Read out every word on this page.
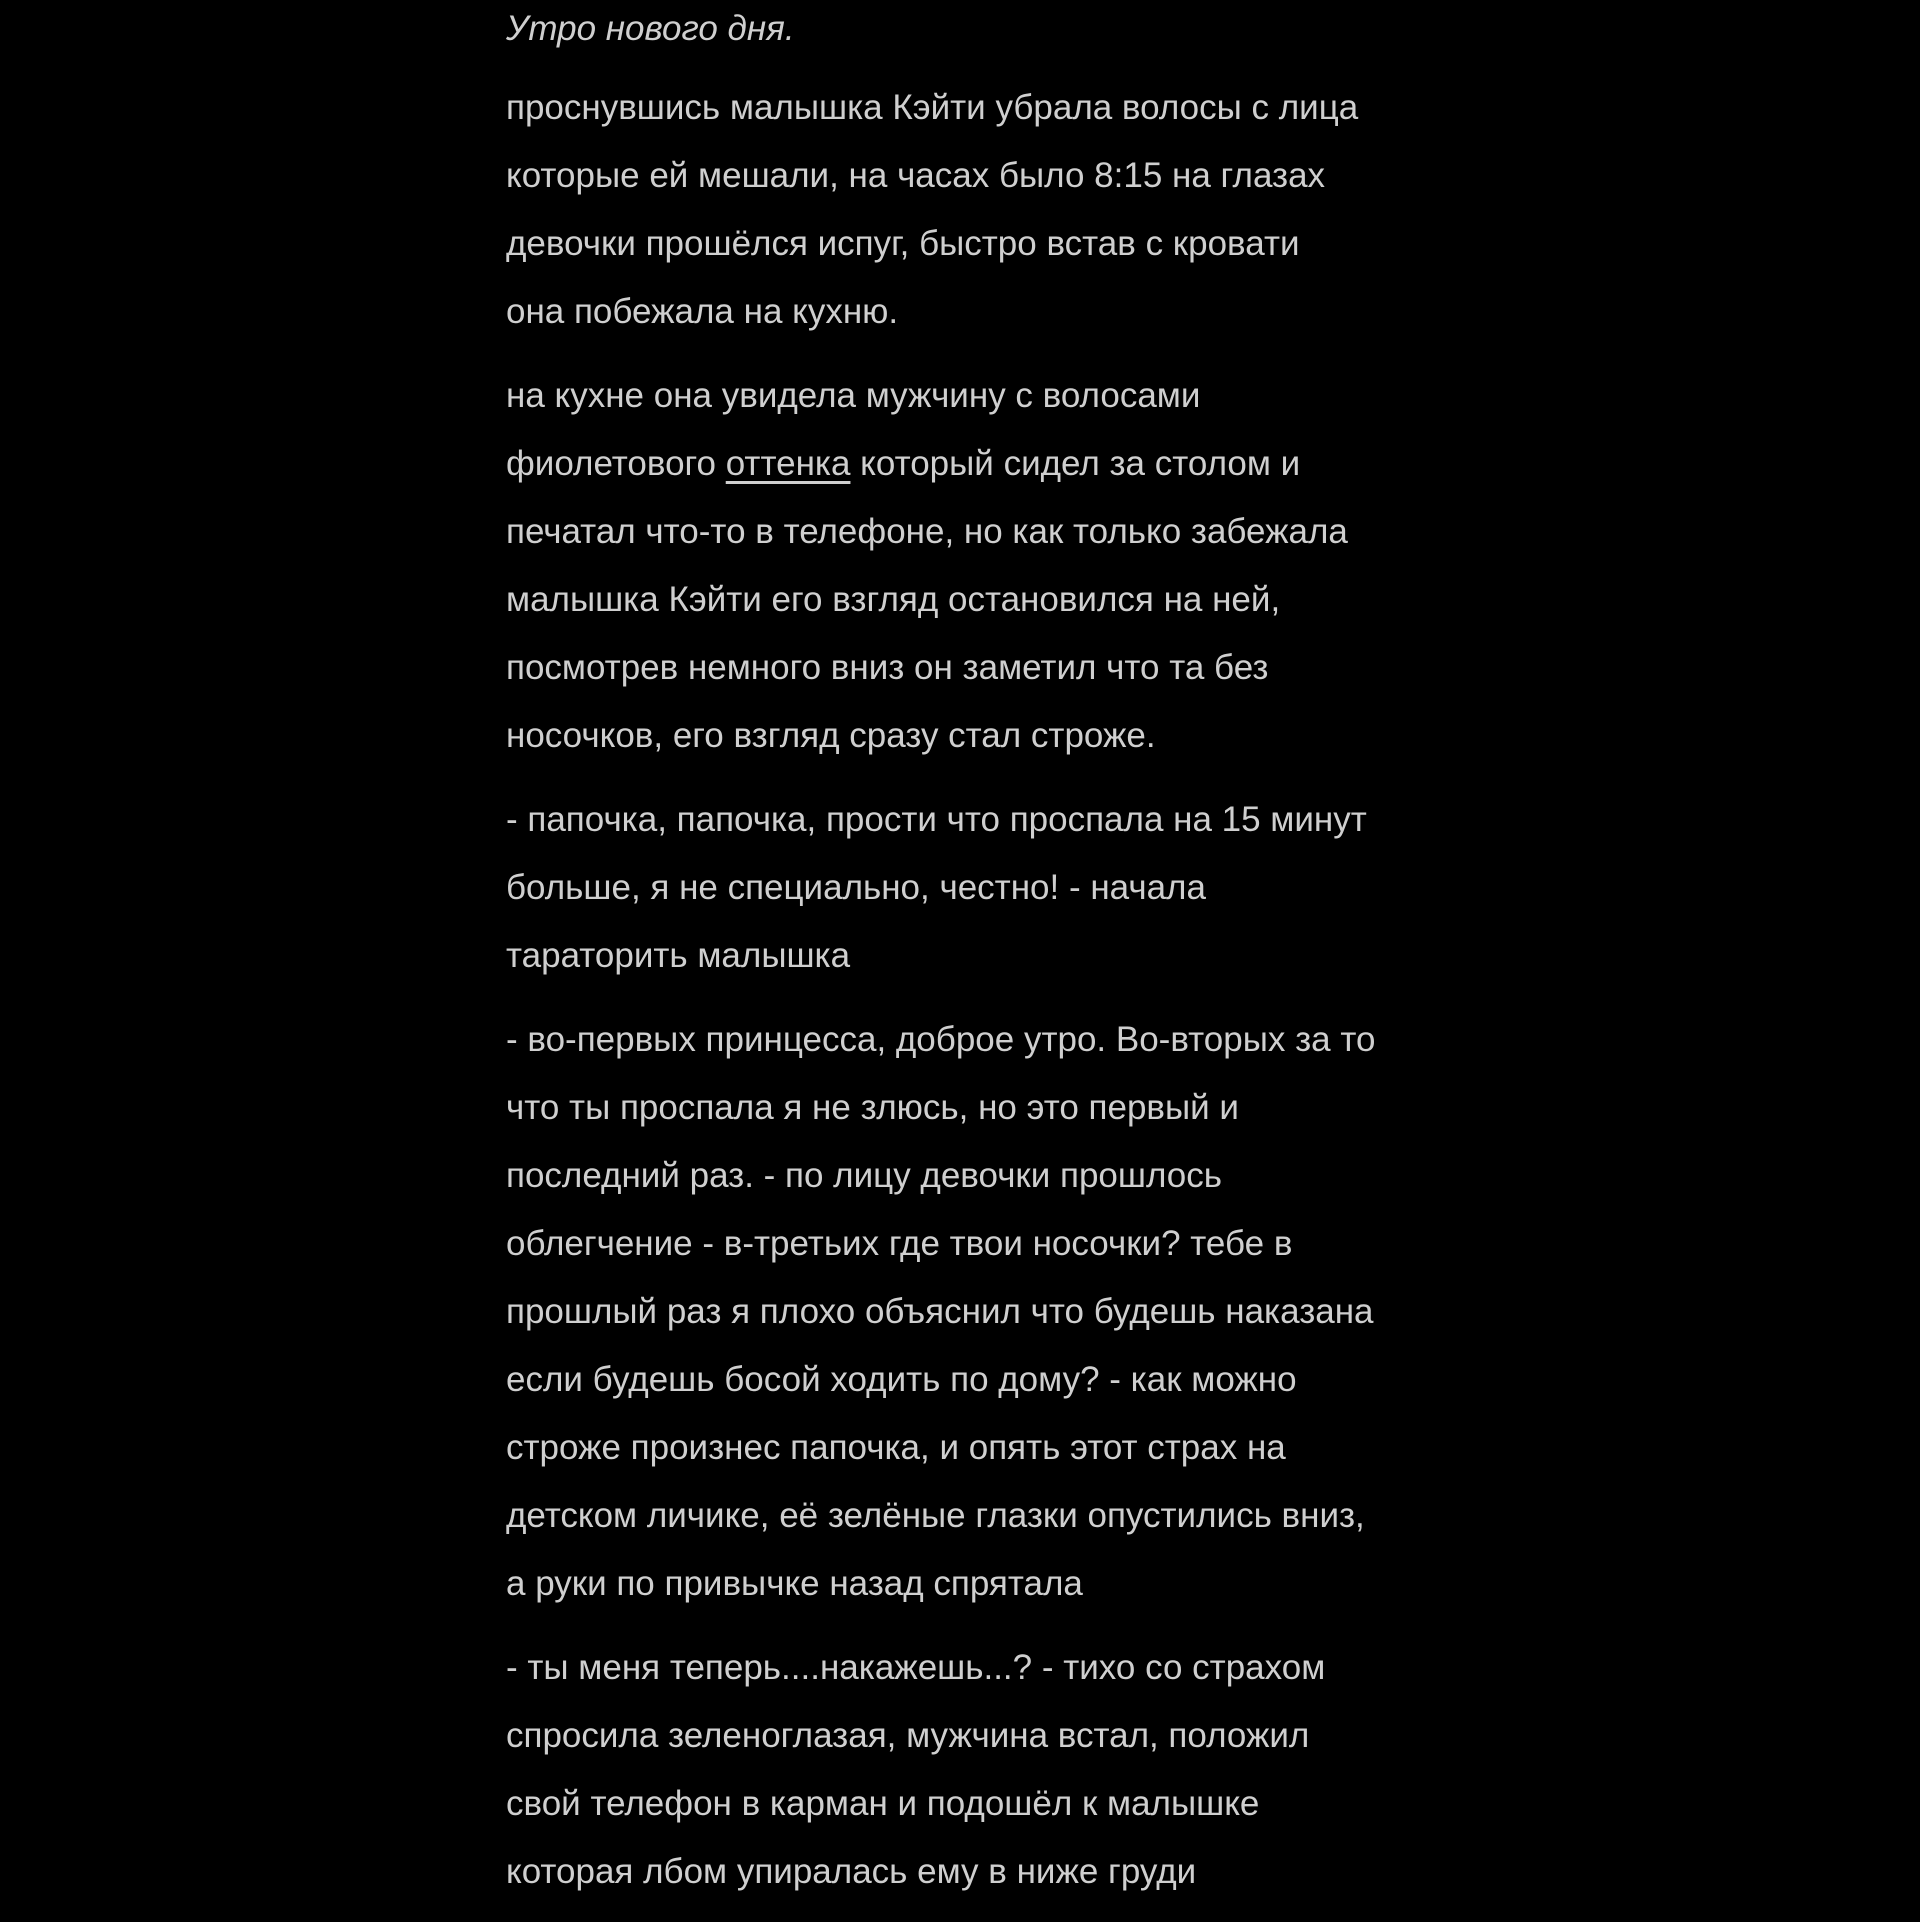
Утро нового дня.
проснувшись малышка Кэйти убрала волосы с лица
которые ей мешали, на часах было 8:15 на глазах
девочки прошёлся испуг, быстро встав с кровати
она побежала на кухню.
на кухне она увидела мужчину с волосами
фиолетового оттенка который сидел за столом и
печатал что-то в телефоне, но как только забежала
малышка Кэйти его взгляд остановился на ней,
посмотрев немного вниз он заметил что та без
носочков, его взгляд сразу стал строже.
- папочка, папочка, прости что проспала на 15 минут
больше, я не специально, честно! - начала
тараторить малышка
- во-первых принцесса, доброе утро. Во-вторых за то
что ты проспала я не злюсь, но это первый и
последний раз. - по лицу девочки прошлось
облегчение - в-третьих где твои носочки? тебе в
прошлый раз я плохо объяснил что будешь наказана
если будешь босой ходить по дому? - как можно
строже произнес папочка, и опять этот страх на
детском личике, её зелёные глазки опустились вниз,
а руки по привычке назад спрятала
- ты меня теперь....накажешь...? - тихо со страхом
спросила зеленоглазая, мужчина встал, положил
свой телефон в карман и подошёл к малышке
которая лбом упиралась ему в ниже груди
